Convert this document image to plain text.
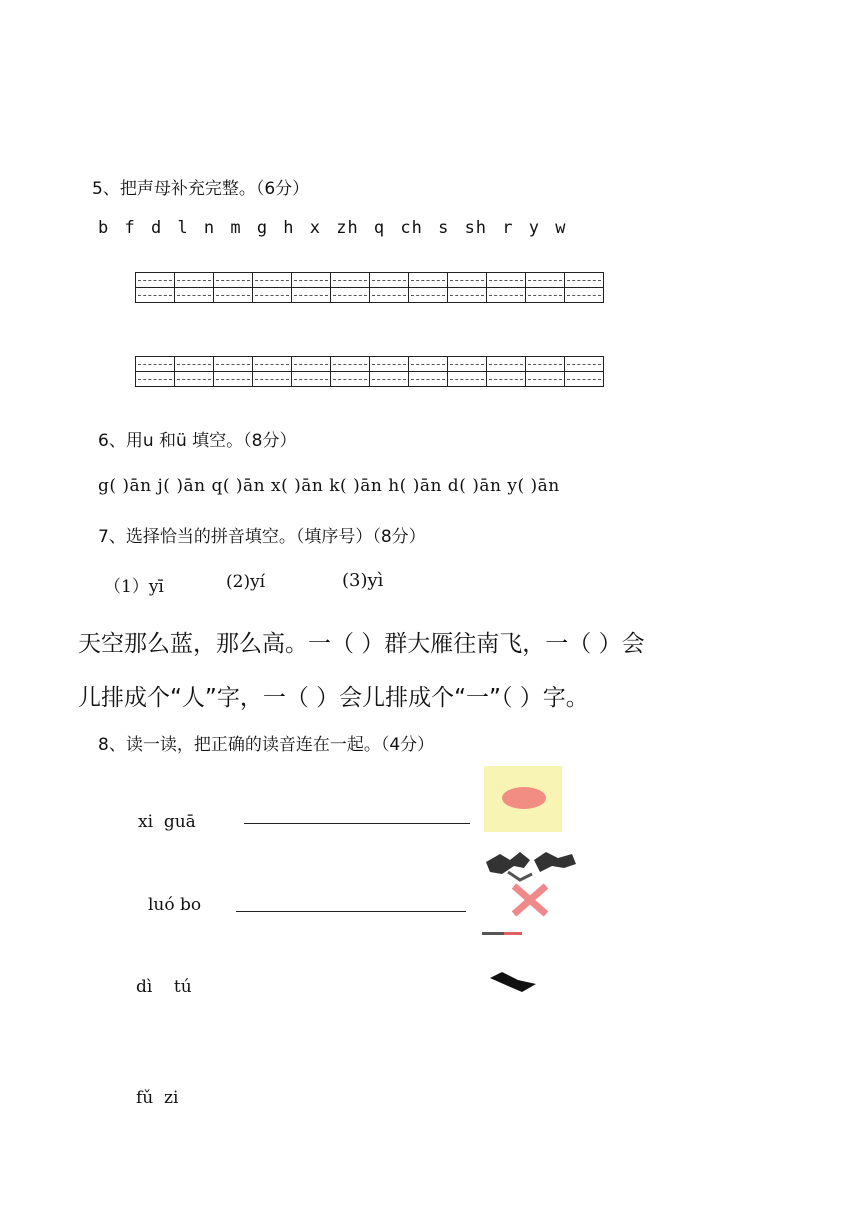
5、把声母补充完整。（6分）
b f d l n m g h x zh q ch s sh r y w

6、用u 和ü 填空。（8分）
g( )ān j( )ān q( )ān x( )ān k( )ān h( )ān d( )ān y( )ān
7、选择恰当的拼音填空。（填序号）（8分）
（1）yī	(2)yí	(3)yì
天空那么蓝，那么高。一（ ）群大雁往南飞，一（ ）会
儿排成个“人”字，一（ ）会儿排成个“一”（ ）字。
8、读一读，把正确的读音连在一起。（4分）
xi  guā
luó bo
dì    tú
fǔ  zi
